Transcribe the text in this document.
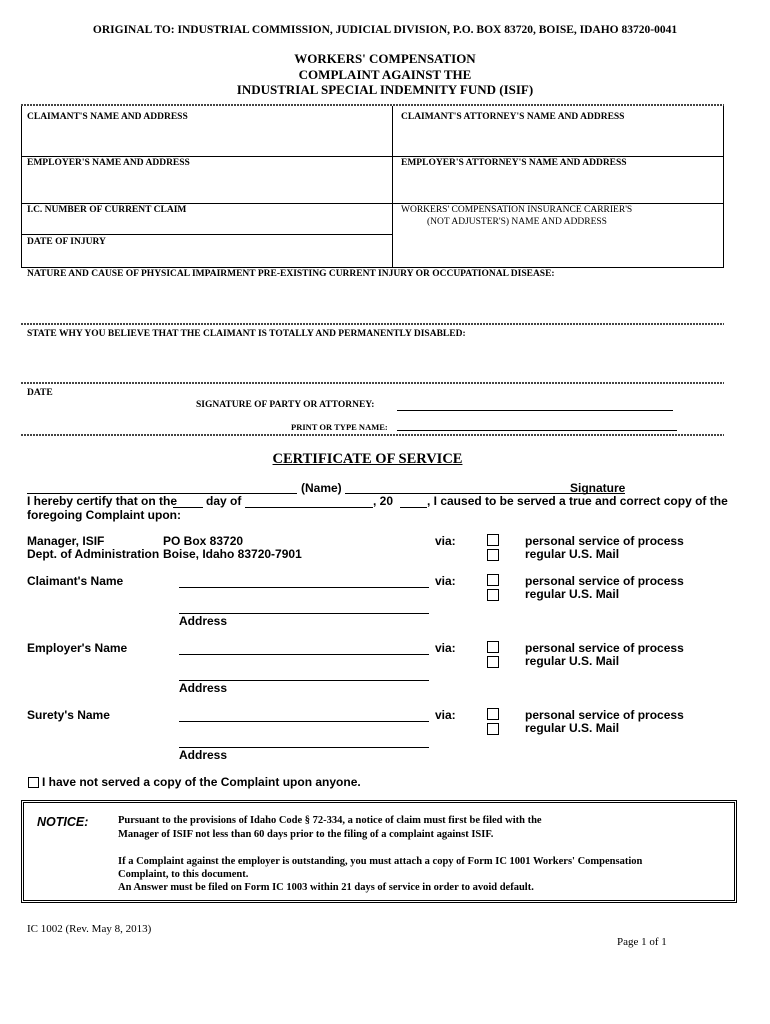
ORIGINAL TO: INDUSTRIAL COMMISSION, JUDICIAL DIVISION, P.O. BOX 83720, BOISE, IDAHO 83720-0041
WORKERS' COMPENSATION
COMPLAINT AGAINST THE
INDUSTRIAL SPECIAL INDEMNITY FUND (ISIF)
CLAIMANT'S NAME AND ADDRESS	CLAIMANT'S ATTORNEY'S NAME AND ADDRESS
EMPLOYER'S NAME AND ADDRESS	EMPLOYER'S ATTORNEY'S NAME AND ADDRESS
I.C. NUMBER OF CURRENT CLAIM	WORKERS' COMPENSATION INSURANCE CARRIER'S
(NOT ADJUSTER'S) NAME AND ADDRESS
DATE OF INJURY
NATURE AND CAUSE OF PHYSICAL IMPAIRMENT PRE-EXISTING CURRENT INJURY OR OCCUPATIONAL DISEASE:
STATE WHY YOU BELIEVE THAT THE CLAIMANT IS TOTALLY AND PERMANENTLY DISABLED:
DATE
SIGNATURE OF PARTY OR ATTORNEY:
PRINT OR TYPE NAME:
CERTIFICATE OF SERVICE
(Name)	Signature
I hereby certify that on the day of	, 20	, I caused to be served a true and correct copy of the
foregoing Complaint upon:
Manager, ISIF
Dept. of Administration
PO Box 83720
Boise, Idaho 83720-7901
via:	personal service of process
regular U.S. Mail
Claimant's Name	via:	personal service of process
regular U.S. Mail
Address
Employer's Name	via:	personal service of process
regular U.S. Mail
Address
Surety's Name	via:	personal service of process
regular U.S. Mail
Address
I have not served a copy of the Complaint upon anyone.
NOTICE:	Pursuant to the provisions of Idaho Code § 72-334, a notice of claim must first be filed with the
Manager of ISIF not less than 60 days prior to the filing of a complaint against ISIF.
If a Complaint against the employer is outstanding, you must attach a copy of Form IC 1001 Workers' Compensation
Complaint, to this document.
An Answer must be filed on Form IC 1003 within 21 days of service in order to avoid default.
IC 1002 (Rev. May 8, 2013)
Page 1 of 1
